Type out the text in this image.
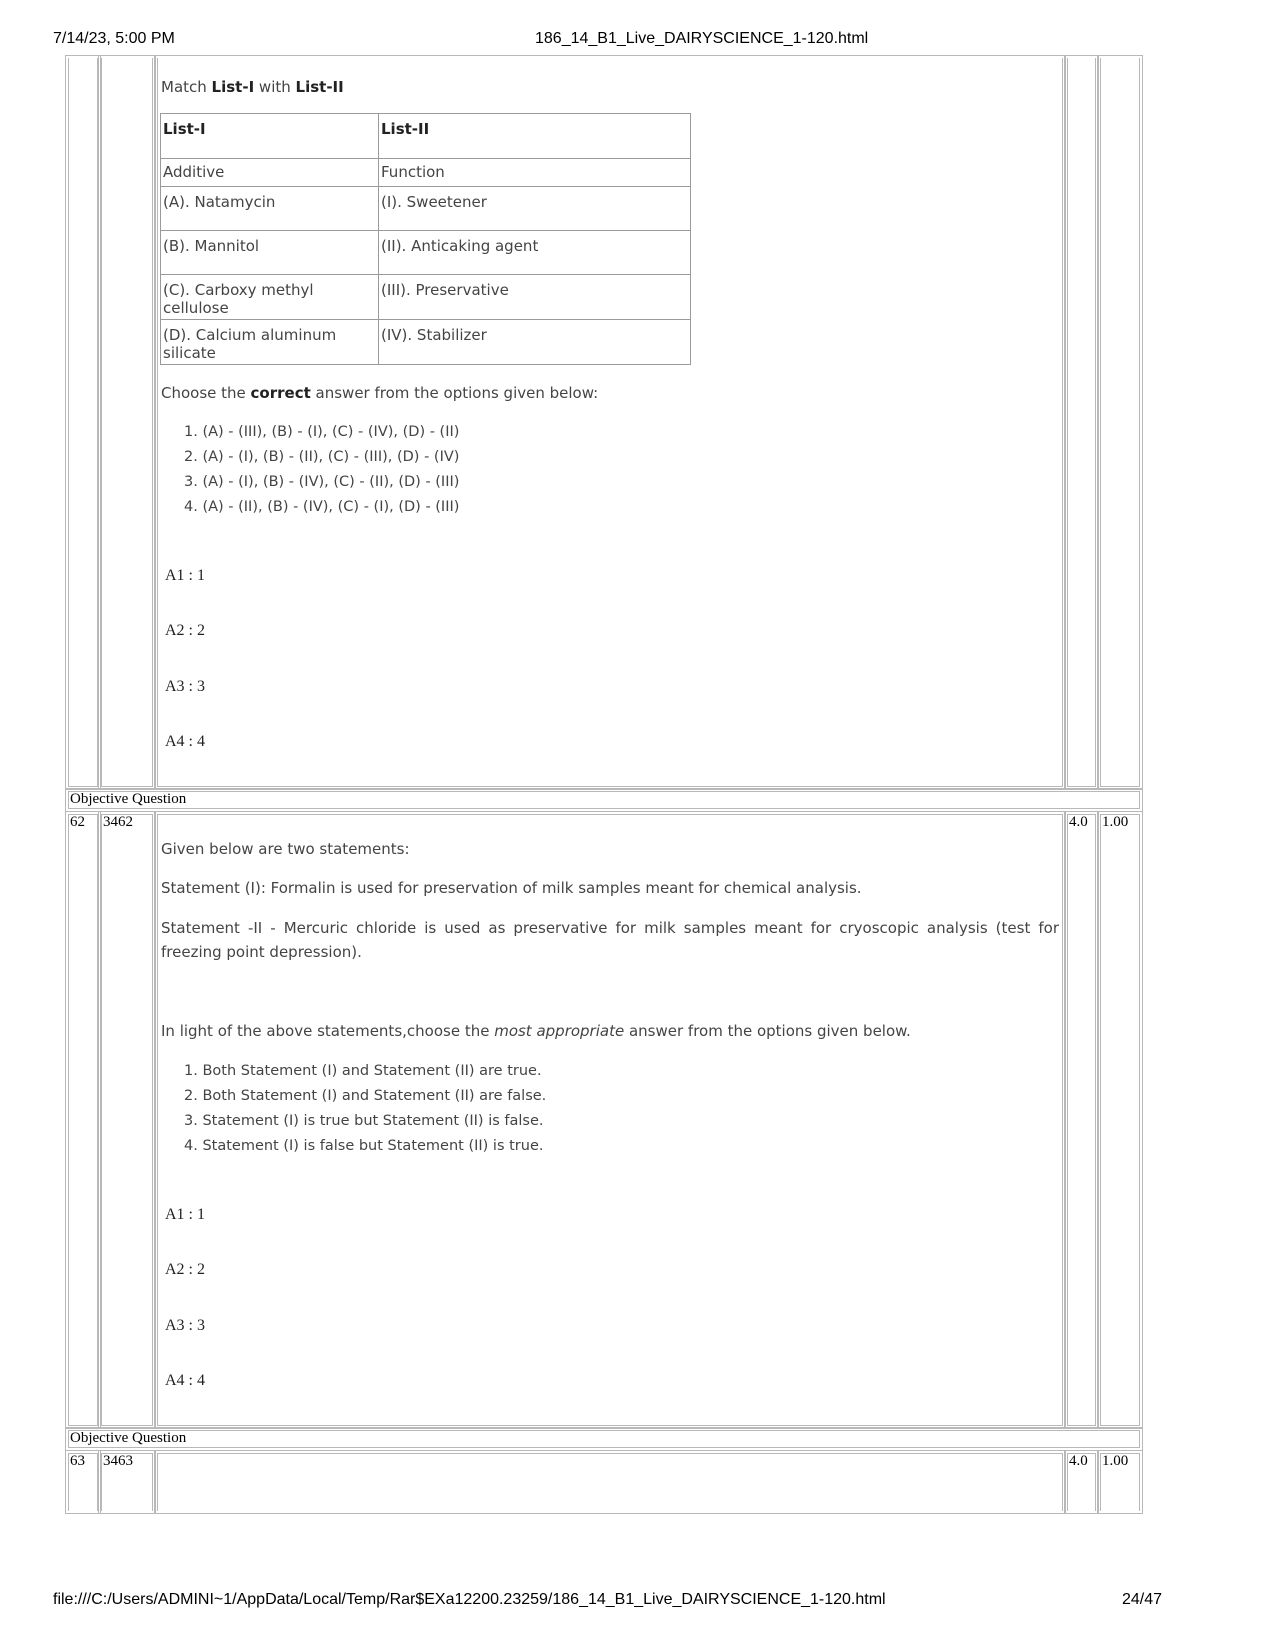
7/14/23, 5:00 PM	186_14_B1_Live_DAIRYSCIENCE_1-120.html
Match List-I with List-II
List-I	List-II
Additive	Function
(A). Natamycin	(I). Sweetener
(B). Mannitol	(II). Anticaking agent
(C). Carboxy methyl cellulose	(III). Preservative
(D). Calcium aluminum silicate	(IV). Stabilizer
Choose the correct answer from the options given below:
1. (A) - (III), (B) - (I), (C) - (IV), (D) - (II)
2. (A) - (I), (B) - (II), (C) - (III), (D) - (IV)
3. (A) - (I), (B) - (IV), (C) - (II), (D) - (III)
4. (A) - (II), (B) - (IV), (C) - (I), (D) - (III)
A1 : 1
A2 : 2
A3 : 3
A4 : 4
Objective Question
62 3462	4.0 1.00
Given below are two statements:
Statement (I): Formalin is used for preservation of milk samples meant for chemical analysis.
Statement -II - Mercuric chloride is used as preservative for milk samples meant for cryoscopic analysis (test for freezing point depression).
In light of the above statements,choose the most appropriate answer from the options given below.
1. Both Statement (I) and Statement (II) are true.
2. Both Statement (I) and Statement (II) are false.
3. Statement (I) is true but Statement (II) is false.
4. Statement (I) is false but Statement (II) is true.
A1 : 1
A2 : 2
A3 : 3
A4 : 4
Objective Question
63 3463	4.0 1.00
file:///C:/Users/ADMINI~1/AppData/Local/Temp/Rar$EXa12200.23259/186_14_B1_Live_DAIRYSCIENCE_1-120.html	24/47
